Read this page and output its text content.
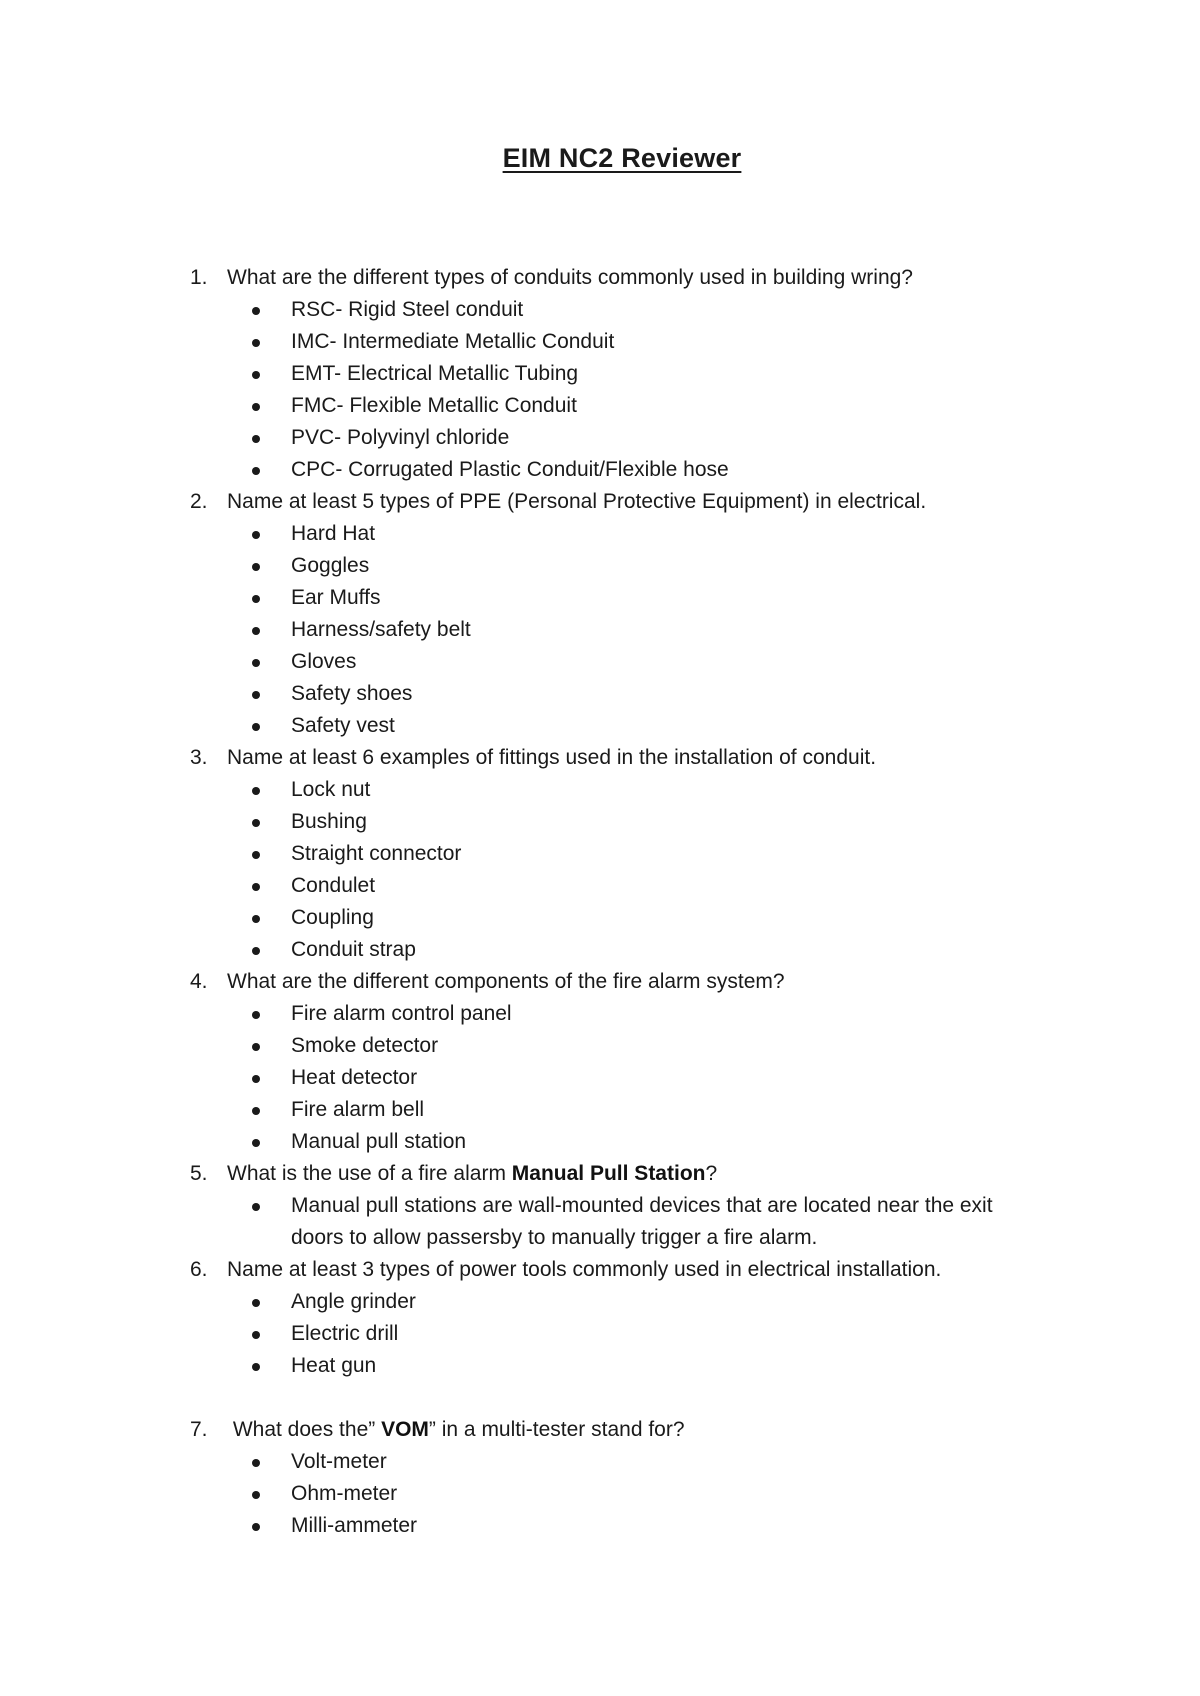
EIM NC2 Reviewer
1. What are the different types of conduits commonly used in building wring?
RSC- Rigid Steel conduit
IMC- Intermediate Metallic Conduit
EMT- Electrical Metallic Tubing
FMC- Flexible Metallic Conduit
PVC- Polyvinyl chloride
CPC- Corrugated Plastic Conduit/Flexible hose
2. Name at least 5 types of PPE (Personal Protective Equipment) in electrical.
Hard Hat
Goggles
Ear Muffs
Harness/safety belt
Gloves
Safety shoes
Safety vest
3. Name at least 6 examples of fittings used in the installation of conduit.
Lock nut
Bushing
Straight connector
Condulet
Coupling
Conduit strap
4. What are the different components of the fire alarm system?
Fire alarm control panel
Smoke detector
Heat detector
Fire alarm bell
Manual pull station
5. What is the use of a fire alarm Manual Pull Station?
Manual pull stations are wall-mounted devices that are located near the exit
doors to allow passersby to manually trigger a fire alarm.
6. Name at least 3 types of power tools commonly used in electrical installation.
Angle grinder
Electric drill
Heat gun
7. What does the” VOM” in a multi-tester stand for?
Volt-meter
Ohm-meter
Milli-ammeter
